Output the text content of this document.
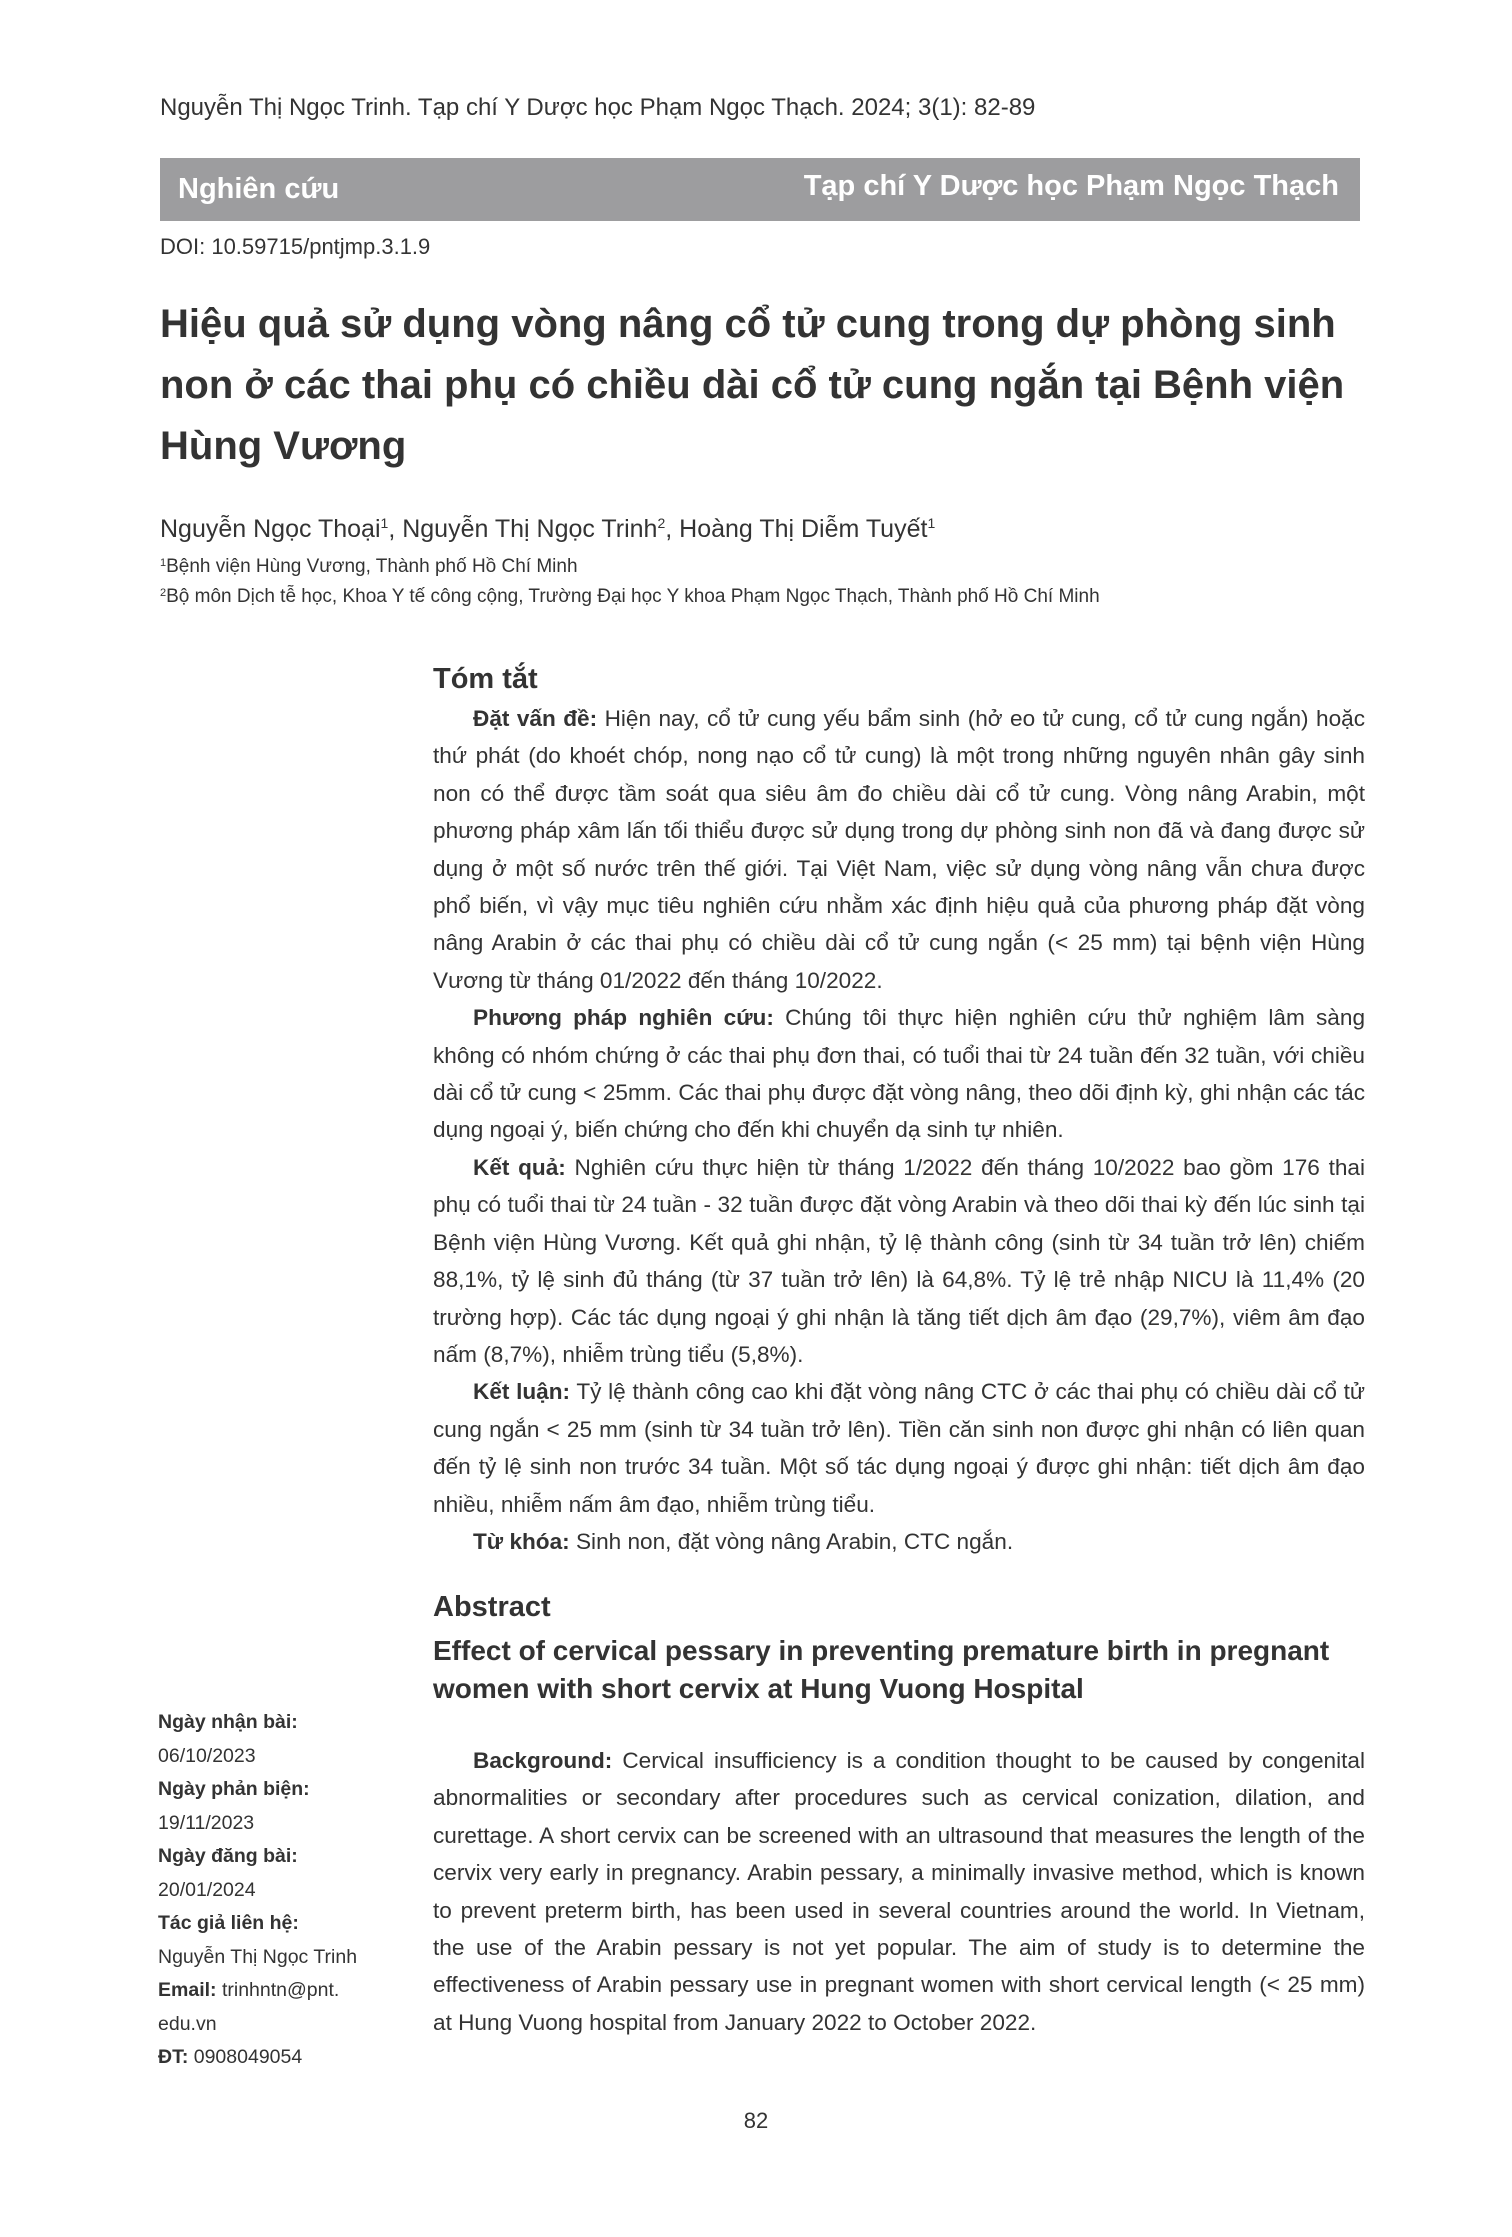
Nguyễn Thị Ngọc Trinh. Tạp chí Y Dược học Phạm Ngọc Thạch. 2024; 3(1): 82-89
Nghiên cứu	Tạp chí Y Dược học Phạm Ngọc Thạch
DOI: 10.59715/pntjmp.3.1.9
Hiệu quả sử dụng vòng nâng cổ tử cung trong dự phòng sinh
non ở các thai phụ có chiều dài cổ tử cung ngắn tại Bệnh viện
Hùng Vương
Nguyễn Ngọc Thoại$^1$, Nguyễn Thị Ngọc Trinh$^2$, Hoàng Thị Diễm Tuyết$^1$
$^1$Bệnh viện Hùng Vương, Thành phố Hồ Chí Minh
$^2$Bộ môn Dịch tễ học, Khoa Y tế công cộng, Trường Đại học Y khoa Phạm Ngọc Thạch, Thành phố Hồ Chí Minh
Tóm tắt

Đặt vấn đề: Hiện nay, cổ tử cung yếu bẩm sinh (hở eo tử cung, cổ tử cung ngắn) hoặc thứ phát (do khoét chóp, nong nạo cổ tử cung) là một trong những nguyên nhân gây sinh non có thể được tầm soát qua siêu âm đo chiều dài cổ tử cung. Vòng nâng Arabin, một phương pháp xâm lấn tối thiểu được sử dụng trong dự phòng sinh non đã và đang được sử dụng ở một số nước trên thế giới. Tại Việt Nam, việc sử dụng vòng nâng vẫn chưa được phổ biến, vì vậy mục tiêu nghiên cứu nhằm xác định hiệu quả của phương pháp đặt vòng nâng Arabin ở các thai phụ có chiều dài cổ tử cung ngắn (< 25 mm) tại bệnh viện Hùng Vương từ tháng 01/2022 đến tháng 10/2022.

Phương pháp nghiên cứu: Chúng tôi thực hiện nghiên cứu thử nghiệm lâm sàng không có nhóm chứng ở các thai phụ đơn thai, có tuổi thai từ 24 tuần đến 32 tuần, với chiều dài cổ tử cung < 25mm. Các thai phụ được đặt vòng nâng, theo dõi định kỳ, ghi nhận các tác dụng ngoại ý, biến chứng cho đến khi chuyển dạ sinh tự nhiên.

Kết quả: Nghiên cứu thực hiện từ tháng 1/2022 đến tháng 10/2022 bao gồm 176 thai phụ có tuổi thai từ 24 tuần - 32 tuần được đặt vòng Arabin và theo dõi thai kỳ đến lúc sinh tại Bệnh viện Hùng Vương. Kết quả ghi nhận, tỷ lệ thành công (sinh từ 34 tuần trở lên) chiếm 88,1%, tỷ lệ sinh đủ tháng (từ 37 tuần trở lên) là 64,8%. Tỷ lệ trẻ nhập NICU là 11,4% (20 trường hợp). Các tác dụng ngoại ý ghi nhận là tăng tiết dịch âm đạo (29,7%), viêm âm đạo nấm (8,7%), nhiễm trùng tiểu (5,8%).

Kết luận: Tỷ lệ thành công cao khi đặt vòng nâng CTC ở các thai phụ có chiều dài cổ tử cung ngắn < 25 mm (sinh từ 34 tuần trở lên). Tiền căn sinh non được ghi nhận có liên quan đến tỷ lệ sinh non trước 34 tuần. Một số tác dụng ngoại ý được ghi nhận: tiết dịch âm đạo nhiều, nhiễm nấm âm đạo, nhiễm trùng tiểu.

Từ khóa: Sinh non, đặt vòng nâng Arabin, CTC ngắn.

Abstract
Effect of cervical pessary in preventing premature birth in pregnant women with short cervix at Hung Vuong Hospital

Background: Cervical insufficiency is a condition thought to be caused by congenital abnormalities or secondary after procedures such as cervical conization, dilation, and curettage. A short cervix can be screened with an ultrasound that measures the length of the cervix very early in pregnancy. Arabin pessary, a minimally invasive method, which is known to prevent preterm birth, has been used in several countries around the world. In Vietnam, the use of the Arabin pessary is not yet popular. The aim of study is to determine the effectiveness of Arabin pessary use in pregnant women with short cervical length (< 25 mm) at Hung Vuong hospital from January 2022 to October 2022.

Ngày nhận bài:
06/10/2023
Ngày phản biện:
19/11/2023
Ngày đăng bài:
20/01/2024
Tác giả liên hệ:
Nguyễn Thị Ngọc Trinh
Email: trinhntn@pnt.
edu.vn
ĐT: 0908049054
82
